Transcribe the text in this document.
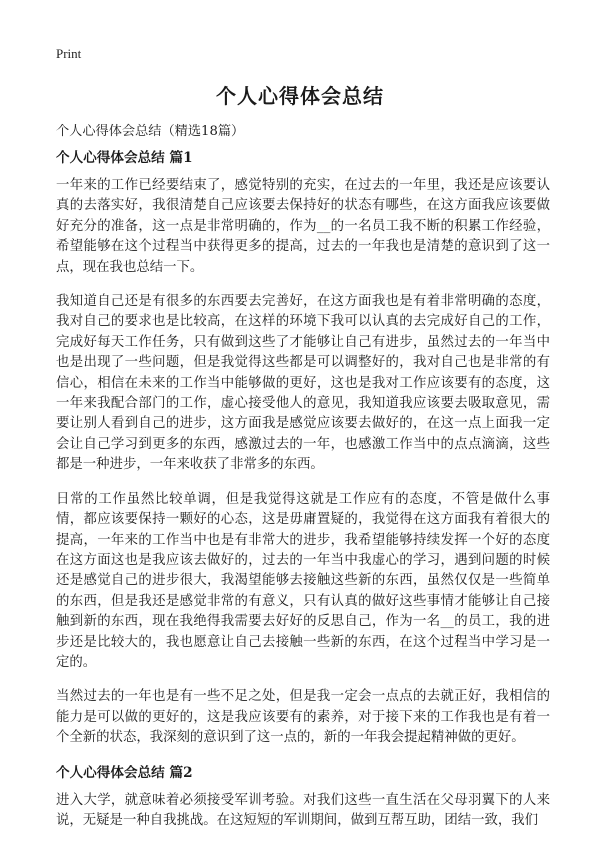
Print
个人心得体会总结

个人心得体会总结（精选18篇）

个人心得体会总结 篇1

一年来的工作已经要结束了，感觉特别的充实，在过去的一年里，我还是应该要认真的去落实好，我很清楚自己应该要去保持好的状态有哪些，在这方面我应该要做好充分的准备，这一点是非常明确的，作为__的一名员工我不断的积累工作经验，希望能够在这个过程当中获得更多的提高，过去的一年我也是清楚的意识到了这一点，现在我也总结一下。

我知道自己还是有很多的东西要去完善好，在这方面我也是有着非常明确的态度，我对自己的要求也是比较高，在这样的环境下我可以认真的去完成好自己的工作，完成好每天工作任务，只有做到这些了才能够让自己有进步，虽然过去的一年当中也是出现了一些问题，但是我觉得这些都是可以调整好的，我对自己也是非常的有信心，相信在未来的工作当中能够做的更好，这也是我对工作应该要有的态度，这一年来我配合部门的工作，虚心接受他人的意见，我知道我应该要去吸取意见，需要让别人看到自己的进步，这方面我是感觉应该要去做好的，在这一点上面我一定会让自己学习到更多的东西，感激过去的一年，也感激工作当中的点点滴滴，这些都是一种进步，一年来收获了非常多的东西。

日常的工作虽然比较单调，但是我觉得这就是工作应有的态度，不管是做什么事情，都应该要保持一颗好的心态，这是毋庸置疑的，我觉得在这方面我有着很大的提高，一年来的工作当中也是有非常大的进步，我希望能够持续发挥一个好的态度在这方面这也是我应该去做好的，过去的一年当中我虚心的学习，遇到问题的时候还是感觉自己的进步很大，我渴望能够去接触这些新的东西，虽然仅仅是一些简单的东西，但是我还是感觉非常的有意义，只有认真的做好这些事情才能够让自己接触到新的东西，现在我绝得我需要去好好的反思自己，作为一名__的员工，我的进步还是比较大的，我也愿意让自己去接触一些新的东西，在这个过程当中学习是一定的。

当然过去的一年也是有一些不足之处，但是我一定会一点点的去就正好，我相信的能力是可以做的更好的，这是我应该要有的素养，对于接下来的工作我也是有着一个全新的状态，我深刻的意识到了这一点的，新的一年我会提起精神做的更好。

个人心得体会总结 篇2

进入大学，就意味着必须接受军训考验。对我们这些一直生活在父母羽翼下的人来说，无疑是一种自我挑战。在这短短的军训期间，做到互帮互助，团结一致，我们
